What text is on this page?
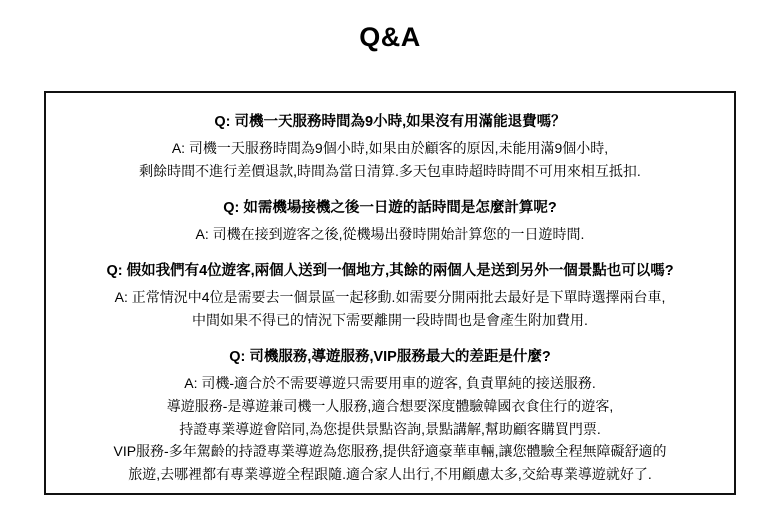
Q&A

Q: 司機一天服務時間為9小時,如果沒有用滿能退費嗎？

A: 司機一天服務時間為9個小時,如果由於顧客的原因,未能用滿9個小時,

剩餘時間不進行差價退款,時間為當日清算.多天包車時超時時間不可用來相互抵扣.

Q: 如需機場接機之後一日遊的話時間是怎麼計算呢?

A: 司機在接到遊客之後,從機場出發時開始計算您的一日遊時間.

Q: 假如我們有4位遊客,兩個人送到一個地方,其餘的兩個人是送到另外一個景點也可以嗎?

A: 正常情況中4位是需要去一個景區一起移動.如需要分開兩批去最好是下單時選擇兩台車,

中間如果不得已的情況下需要離開一段時間也是會產生附加費用.

Q: 司機服務,導遊服務,VIP服務最大的差距是什麼?

A: 司機-適合於不需要導遊只需要用車的遊客, 負責單純的接送服務.

導遊服務-是導遊兼司機一人服務,適合想要深度體驗韓國衣食住行的遊客,

持證專業導遊會陪同,為您提供景點咨詢,景點講解,幫助顧客購買門票.

VIP服務-多年駕齡的持證專業導遊為您服務,提供舒適豪華車輛,讓您體驗全程無障礙舒適的

旅遊,去哪裡都有專業導遊全程跟隨.適合家人出行,不用顧慮太多,交給專業導遊就好了.
